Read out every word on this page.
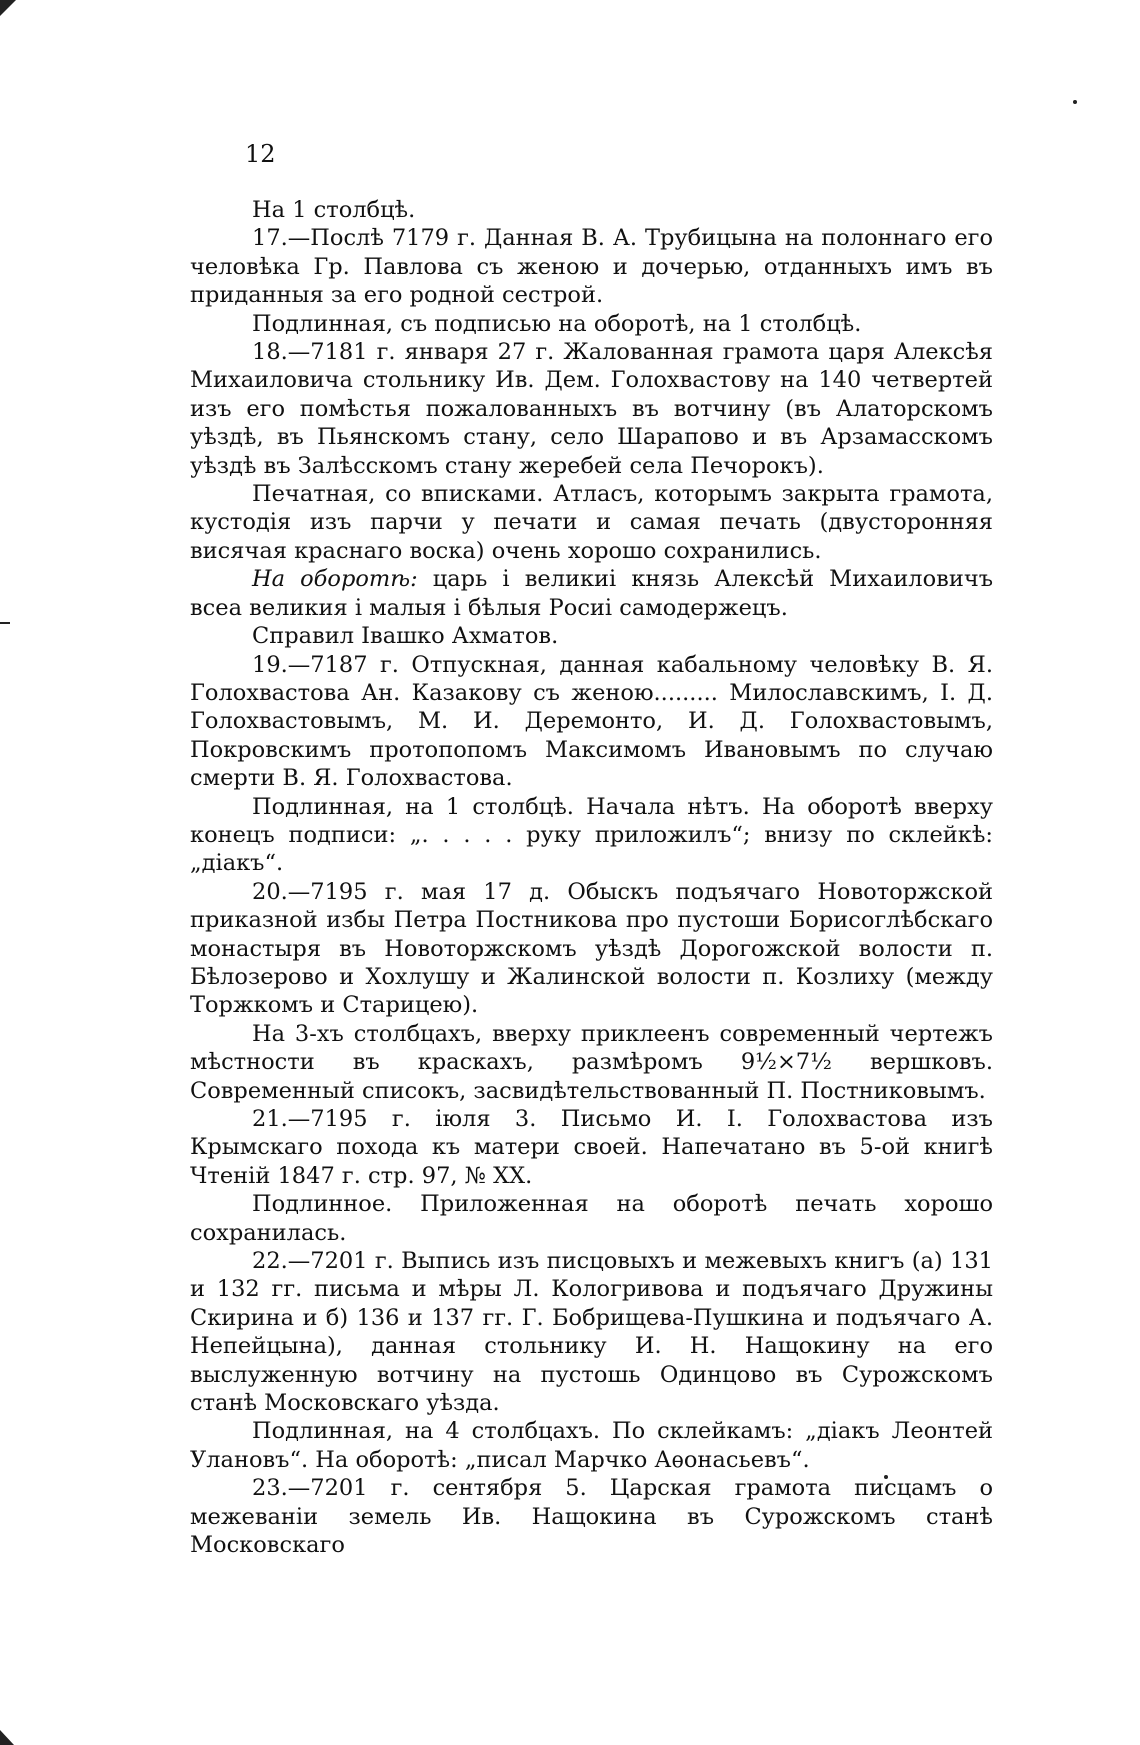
12

На 1 столбцѣ.

17.—Послѣ 7179 г. Данная В. А. Трубицына на полоннаго его человѣка Гр. Павлова съ женою и дочерью, отданныхъ имъ въ приданныя за его родной сестрой.

Подлинная, съ подписью на оборотѣ, на 1 столбцѣ.

18.—7181 г. января 27 г. Жалованная грамота царя Алексѣя Михаиловича стольнику Ив. Дем. Голохвастову на 140 четвертей изъ его помѣстья пожалованныхъ въ вотчину (въ Алаторскомъ уѣздѣ, въ Пьянскомъ стану, село Шарапово и въ Арзамасскомъ уѣздѣ въ Залѣсскомъ стану жеребей села Печорокъ).

Печатная, со вписками. Атласъ, которымъ закрыта грамота, кустодія изъ парчи у печати и самая печать (двусторонняя висячая краснаго воска) очень хорошо сохранились.

На оборотѣ: царь і великиі князь Алексѣй Михаиловичъ всеа великия і малыя і бѣлыя Росиі самодержецъ.

Справил Івашко Ахматов.

19.—7187 г. Отпускная, данная кабальному человѣку В. Я. Голохвастова Ан. Казакову съ женою......... Милославскимъ, І. Д. Голохвастовымъ, М. И. Деремонто, И. Д. Голохвастовымъ, Покровскимъ протопопомъ Максимомъ Ивановымъ по случаю смерти В. Я. Голохвастова.

Подлинная, на 1 столбцѣ. Начала нѣтъ. На оборотѣ вверху конецъ подписи: „. . . . . руку приложилъ“; внизу по склейкѣ: „діакъ“.

20.—7195 г. мая 17 д. Обыскъ подъячаго Новоторжской приказной избы Петра Постникова про пустоши Борисоглѣбскаго монастыря въ Новоторжскомъ уѣздѣ Дорогожской волости п. Бѣлозерово и Хохлушу и Жалинской волости п. Козлиху (между Торжкомъ и Старицею).

На 3-хъ столбцахъ, вверху приклеенъ современный чертежъ мѣстности въ краскахъ, размѣромъ 9½×7½ вершковъ. Современный списокъ, засвидѣтельствованный П. Постниковымъ.

21.—7195 г. іюля 3. Письмо И. І. Голохвастова изъ Крымскаго похода къ матери своей. Напечатано въ 5-ой книгѣ Чтеній 1847 г. стр. 97, № XX.

Подлинное. Приложенная на оборотѣ печать хорошо сохранилась.

22.—7201 г. Выпись изъ писцовыхъ и межевыхъ книгъ (а) 131 и 132 гг. письма и мѣры Л. Кологривова и подъячаго Дружины Скирина и б) 136 и 137 гг. Г. Бобрищева-Пушкина и подъячаго А. Непейцына), данная стольнику И. Н. Нащокину на его выслуженную вотчину на пустошь Одинцово въ Сурожскомъ станѣ Московскаго уѣзда.

Подлинная, на 4 столбцахъ. По склейкамъ: „діакъ Леонтей Улановъ“. На оборотѣ: „писал Марчко Аѳонасьевъ“.

23.—7201 г. сентября 5. Царская грамота писцамъ о межеваніи земель Ив. Нащокина въ Сурожскомъ станѣ Московскаго
